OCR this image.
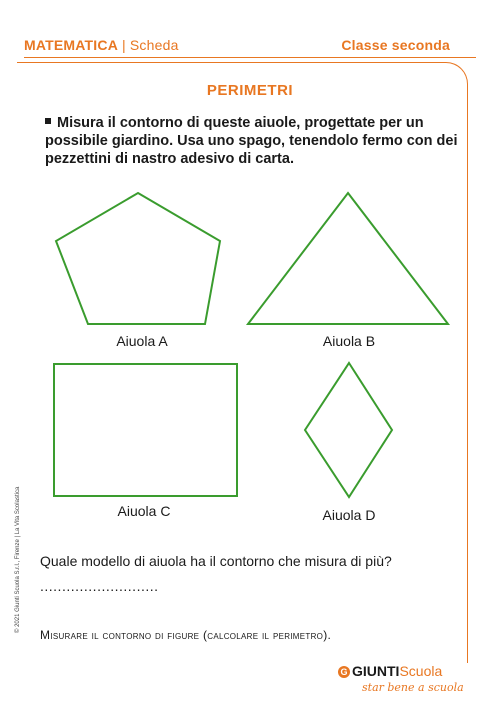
MATEMATICA | Scheda	Classe seconda
PERIMETRI
Misura il contorno di queste aiuole, progettate per un possibile giardino. Usa uno spago, tenendolo fermo con dei pezzettini di nastro adesivo di carta.
Aiuola A	Aiuola B
Aiuola C	Aiuola D
Quale modello di aiuola ha il contorno che misura di più?
...........................
Misurare il contorno di figure (calcolare il perimetro).
© 2021 Giunti Scuola S.r.l., Firenze | La Vita Scolastica
G GIUNTIScuola
star bene a scuola
